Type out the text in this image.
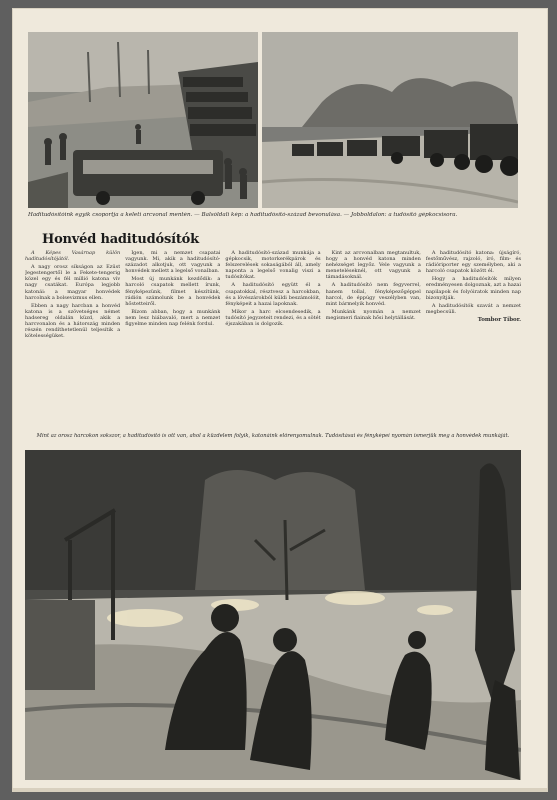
Haditudósítóink egyik csoportja a keleti arcvonal mentén. — Balsóldali kép: a haditudósító-század bevonulása. — Jobboldalon: a tudósító gépkocsisora.
Honvéd haditudósítók

A Képes Vasárnap külön haditudósítójától.

A nagy orosz síkságon az Ezüst Jegestengertől le a Fekete-tengerig közel egy és fél millió katona vív nagy csatákat. Európa legjobb katonái: a magyar honvédek harcolnak a bolsevizmus ellen.

Ebben a nagy harcban a honvéd katona is a szövetséges német hadsereg oldalán küzd, akik a harcvonalon és a hátország minden részén rendíthetetlenül teljesítik a kötelességüket.

Igen, mi a nemzet csapatai vagyunk. Mi, akik a haditudósító-századot alkotjuk, ott vagyunk a honvédek mellett a legelső vonalban.

Most új munkánk kezdődik: a harcoló csapatok mellett írunk, fényképezünk, filmet készítünk, rádión számolunk be a honvédek hőstetteiről.

Bízom abban, hogy a munkánk nem lesz hiábavaló, mert a nemzet figyelme minden nap felénk fordul.

A haditudósító-század munkája a gépkocsik, motorkerékpárok és felszerelések sokaságából áll, amely naponta a legelső vonalig viszi a tudósítókat.

A haditudósító együtt él a csapatokkal, résztvesz a harcokban, és a lövészárokból küldi beszámolóit, fényképeit a hazai lapoknak.

Mikor a harc elcsendesedik, a tudósító jegyzeteit rendezi, és a sötét éjszakában is dolgozik.

Kint az arcvonalban megtanultuk, hogy a honvéd katona minden nehézséget legyőz. Vele vagyunk a meneteléseknél, ott vagyunk a támadásoknál.

A haditudósító nem fegyverrel, hanem tollal, fényképezőgéppel harcol, de éppúgy veszélyben van, mint bármelyik honvéd.

Munkánk nyomán a nemzet megismeri fiainak hősi helytállását.

A haditudósító katona: újságíró, festőművész, rajzoló, író, film- és rádióriporter egy személyben, aki a harcoló csapatok között él.

Hogy a haditudósítók milyen eredményesen dolgoznak, azt a hazai napilapok és folyóiratok minden nap bizonyítják.

A haditudósítók szavát a nemzet megbecsüli.

Tombor Tibor.
Mint az orosz harcokon sokszor, a haditudósító is ott van, ahol a küzdelem folyik, katonáink előrenyomulnak. Tudósításai és fényképei nyomán ismerjük meg a honvédek munkáját.
